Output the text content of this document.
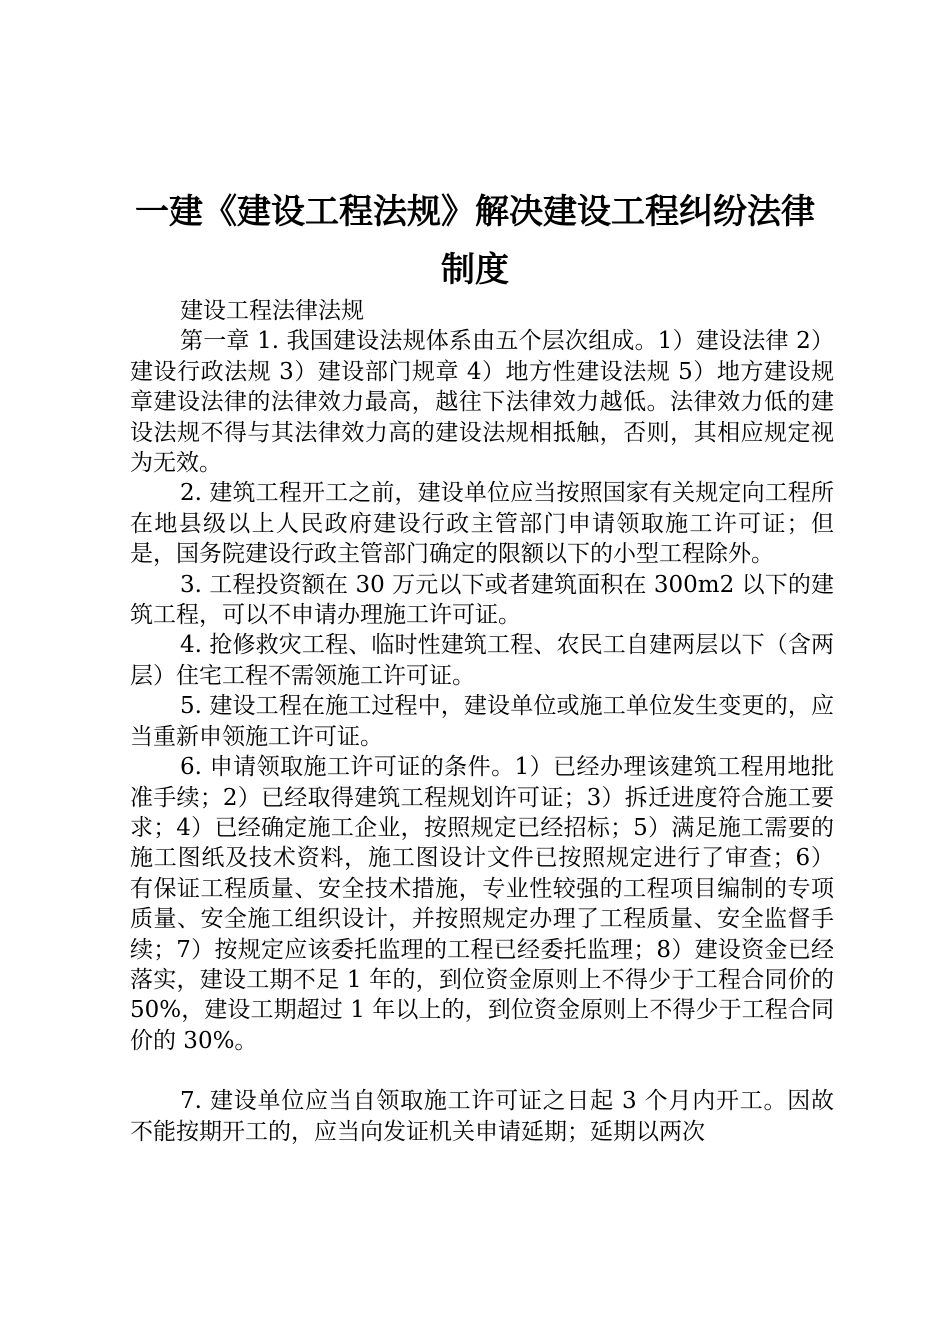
一建《建设工程法规》解决建设工程纠纷法律
制度

建设工程法律法规

第一章 1. 我国建设法规体系由五个层次组成。1）建设法律 2）建设行政法规 3）建设部门规章 4）地方性建设法规 5）地方建设规章建设法律的法律效力最高，越往下法律效力越低。法律效力低的建设法规不得与其法律效力高的建设法规相抵触，否则，其相应规定视为无效。

2. 建筑工程开工之前，建设单位应当按照国家有关规定向工程所在地县级以上人民政府建设行政主管部门申请领取施工许可证；但是，国务院建设行政主管部门确定的限额以下的小型工程除外。

3. 工程投资额在 30 万元以下或者建筑面积在 300m2 以下的建筑工程，可以不申请办理施工许可证。

4. 抢修救灾工程、临时性建筑工程、农民工自建两层以下（含两层）住宅工程不需领施工许可证。

5. 建设工程在施工过程中，建设单位或施工单位发生变更的，应当重新申领施工许可证。

6. 申请领取施工许可证的条件。1）已经办理该建筑工程用地批准手续；2）已经取得建筑工程规划许可证；3）拆迁进度符合施工要求；4）已经确定施工企业，按照规定已经招标；5）满足施工需要的施工图纸及技术资料，施工图设计文件已按照规定进行了审查；6）有保证工程质量、安全技术措施，专业性较强的工程项目编制的专项质量、安全施工组织设计，并按照规定办理了工程质量、安全监督手续；7）按规定应该委托监理的工程已经委托监理；8）建设资金已经落实，建设工期不足 1 年的，到位资金原则上不得少于工程合同价的 50%，建设工期超过 1 年以上的，到位资金原则上不得少于工程合同价的 30%。

7. 建设单位应当自领取施工许可证之日起 3 个月内开工。因故不能按期开工的，应当向发证机关申请延期；延期以两次
